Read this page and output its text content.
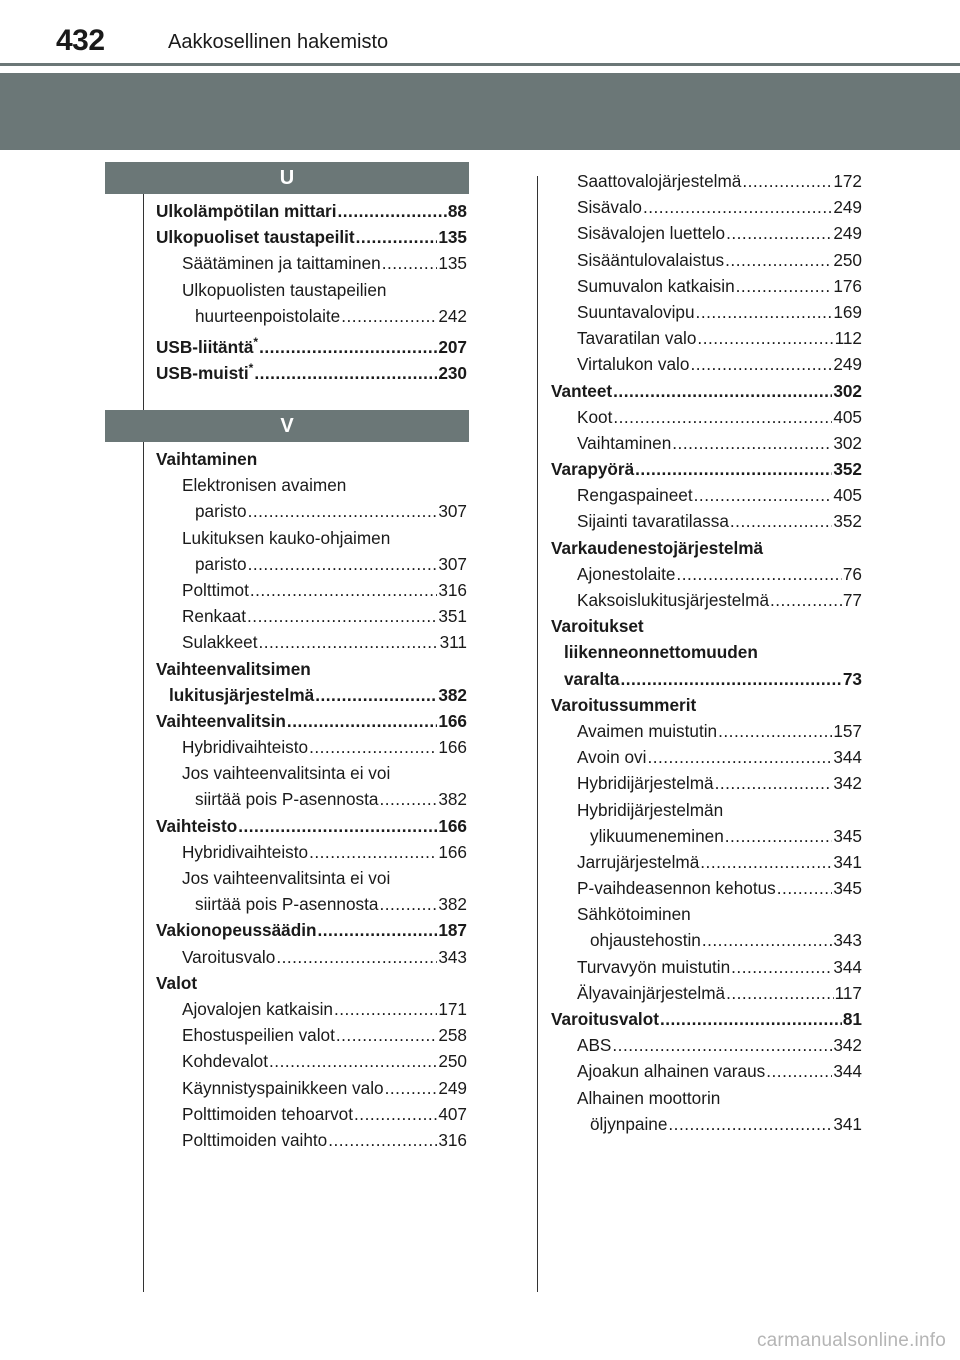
432	Aakkosellinen hakemisto
U
V
Ulkolämpötilan mittari .....	88
Ulkopuoliset taustapeilit .....	135
Säätäminen ja taittaminen .....	135
Ulkopuolisten taustapeilien
huurteenpoistolaite .....	242
USB-liitäntä* .....	207
USB-muisti* .....	230
Vaihtaminen
Elektronisen avaimen
paristo .....	307
Lukituksen kauko-ohjaimen
paristo .....	307
Polttimot .....	316
Renkaat .....	351
Sulakkeet .....	311
Vaihteenvalitsimen
lukitusjärjestelmä .....	382
Vaihteenvalitsin .....	166
Hybridivaihteisto .....	166
Jos vaihteenvalitsinta ei voi
siirtää pois P-asennosta .....	382
Vaihteisto .....	166
Hybridivaihteisto .....	166
Jos vaihteenvalitsinta ei voi
siirtää pois P-asennosta .....	382
Vakionopeussäädin .....	187
Varoitusvalo .....	343
Valot
Ajovalojen katkaisin .....	171
Ehostuspeilien valot .....	258
Kohdevalot .....	250
Käynnistyspainikkeen valo .....	249
Polttimoiden tehoarvot .....	407
Polttimoiden vaihto .....	316
Saattovalojärjestelmä .....	172
Sisävalo .....	249
Sisävalojen luettelo .....	249
Sisääntulovalaistus .....	250
Sumuvalon katkaisin .....	176
Suuntavalovipu .....	169
Tavaratilan valo .....	112
Virtalukon valo .....	249
Vanteet .....	302
Koot .....	405
Vaihtaminen .....	302
Varapyörä .....	352
Rengaspaineet .....	405
Sijainti tavaratilassa .....	352
Varkaudenestojärjestelmä
Ajonestolaite .....	76
Kaksoislukitusjärjestelmä .....	77
Varoitukset
liikenneonnettomuuden
varalta .....	73
Varoitussummerit
Avaimen muistutin .....	157
Avoin ovi .....	344
Hybridijärjestelmä .....	342
Hybridijärjestelmän
ylikuumeneminen .....	345
Jarrujärjestelmä .....	341
P-vaihdeasennon kehotus .....	345
Sähkötoiminen
ohjaustehostin .....	343
Turvavyön muistutin .....	344
Älyavainjärjestelmä .....	117
Varoitusvalot .....	81
ABS .....	342
Ajoakun alhainen varaus .....	344
Alhainen moottorin
öljynpaine .....	341
carmanualsonline.info
